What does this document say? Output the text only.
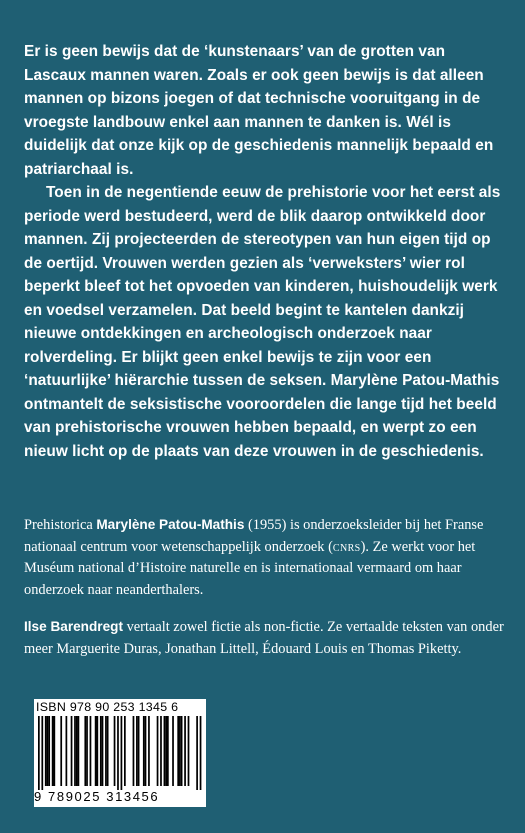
Er is geen bewijs dat de ‘kunstenaars’ van de grotten van Lascaux mannen waren. Zoals er ook geen bewijs is dat alleen mannen op bizons joegen of dat technische vooruitgang in de vroegste landbouw enkel aan mannen te danken is. Wél is duidelijk dat onze kijk op de geschiedenis mannelijk bepaald en patriarchaal is.

Toen in de negentiende eeuw de prehistorie voor het eerst als periode werd bestudeerd, werd de blik daarop ontwikkeld door mannen. Zij projecteerden de stereotypen van hun eigen tijd op de oertijd. Vrouwen werden gezien als ‘verweksters’ wier rol beperkt bleef tot het opvoeden van kinderen, huishoudelijk werk en voedsel verzamelen. Dat beeld begint te kantelen dankzij nieuwe ontdekkingen en archeologisch onderzoek naar rolverdeling. Er blijkt geen enkel bewijs te zijn voor een ‘natuurlijke’ hiërarchie tussen de seksen. Marylène Patou-Mathis ontmantelt de seksistische vooroordelen die lange tijd het beeld van prehistorische vrouwen hebben bepaald, en werpt zo een nieuw licht op de plaats van deze vrouwen in de geschiedenis.

Prehistorica Marylène Patou-Mathis (1955) is onderzoeksleider bij het Franse nationaal centrum voor wetenschappelijk onderzoek (cnrs). Ze werkt voor het Muséum national d’Histoire naturelle en is internationaal vermaard om haar onderzoek naar neanderthalers.

Ilse Barendregt vertaalt zowel fictie als non-fictie. Ze vertaalde teksten van onder meer Marguerite Duras, Jonathan Littell, Édouard Louis en Thomas Piketty.

ISBN 978 90 253 1345 6
9 789025 313456
